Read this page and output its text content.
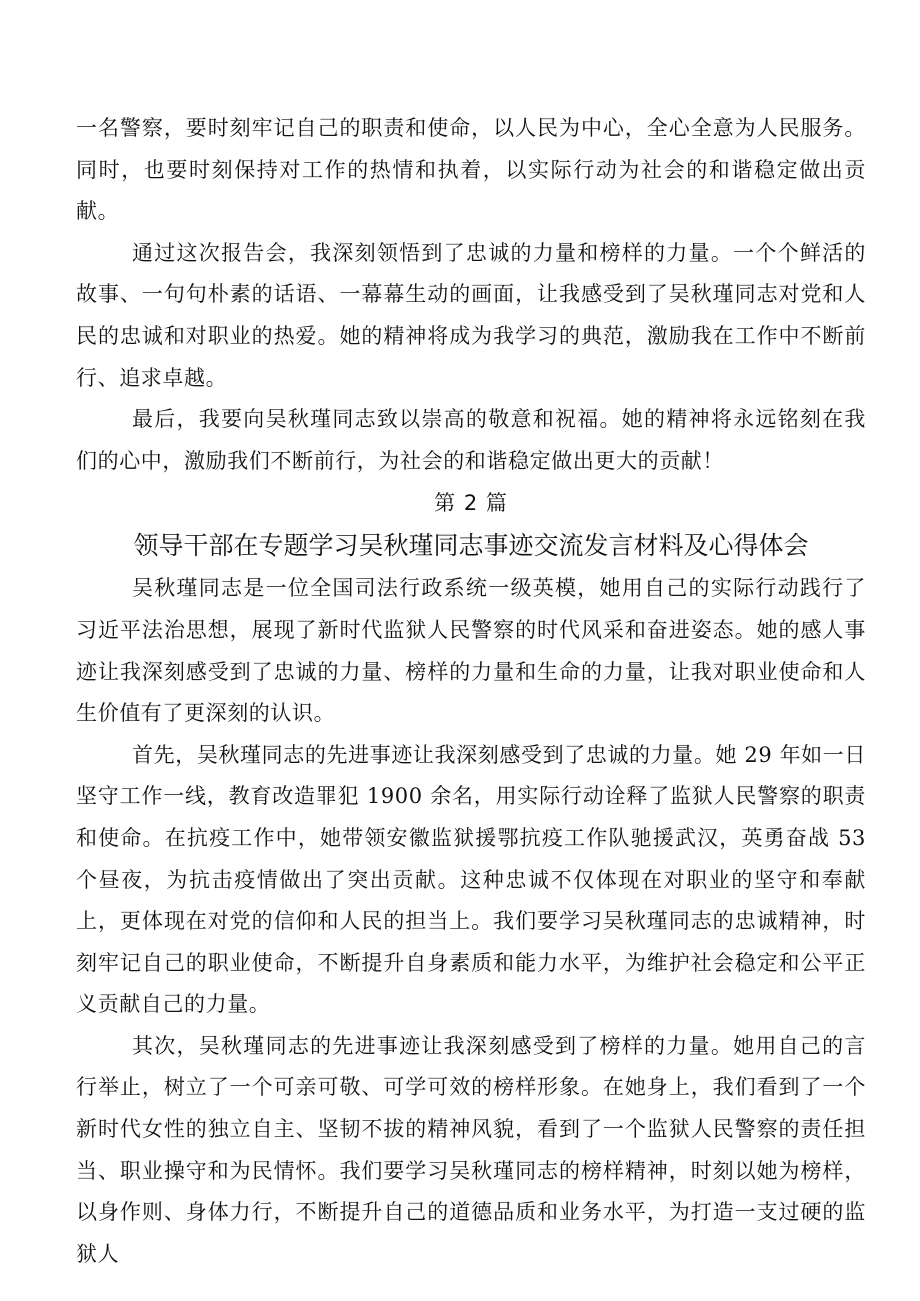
一名警察，要时刻牢记自己的职责和使命，以人民为中心，全心全意为人民服务。同时，也要时刻保持对工作的热情和执着，以实际行动为社会的和谐稳定做出贡献。

通过这次报告会，我深刻领悟到了忠诚的力量和榜样的力量。一个个鲜活的故事、一句句朴素的话语、一幕幕生动的画面，让我感受到了吴秋瑾同志对党和人民的忠诚和对职业的热爱。她的精神将成为我学习的典范，激励我在工作中不断前行、追求卓越。

最后，我要向吴秋瑾同志致以崇高的敬意和祝福。她的精神将永远铭刻在我们的心中，激励我们不断前行，为社会的和谐稳定做出更大的贡献！

第 2 篇

领导干部在专题学习吴秋瑾同志事迹交流发言材料及心得体会

吴秋瑾同志是一位全国司法行政系统一级英模，她用自己的实际行动践行了习近平法治思想，展现了新时代监狱人民警察的时代风采和奋进姿态。她的感人事迹让我深刻感受到了忠诚的力量、榜样的力量和生命的力量，让我对职业使命和人生价值有了更深刻的认识。

首先，吴秋瑾同志的先进事迹让我深刻感受到了忠诚的力量。她 29 年如一日坚守工作一线，教育改造罪犯 1900 余名，用实际行动诠释了监狱人民警察的职责和使命。在抗疫工作中，她带领安徽监狱援鄂抗疫工作队驰援武汉，英勇奋战 53 个昼夜，为抗击疫情做出了突出贡献。这种忠诚不仅体现在对职业的坚守和奉献上，更体现在对党的信仰和人民的担当上。我们要学习吴秋瑾同志的忠诚精神，时刻牢记自己的职业使命，不断提升自身素质和能力水平，为维护社会稳定和公平正义贡献自己的力量。

其次，吴秋瑾同志的先进事迹让我深刻感受到了榜样的力量。她用自己的言行举止，树立了一个可亲可敬、可学可效的榜样形象。在她身上，我们看到了一个新时代女性的独立自主、坚韧不拔的精神风貌，看到了一个监狱人民警察的责任担当、职业操守和为民情怀。我们要学习吴秋瑾同志的榜样精神，时刻以她为榜样，以身作则、身体力行，不断提升自己的道德品质和业务水平，为打造一支过硬的监狱人
